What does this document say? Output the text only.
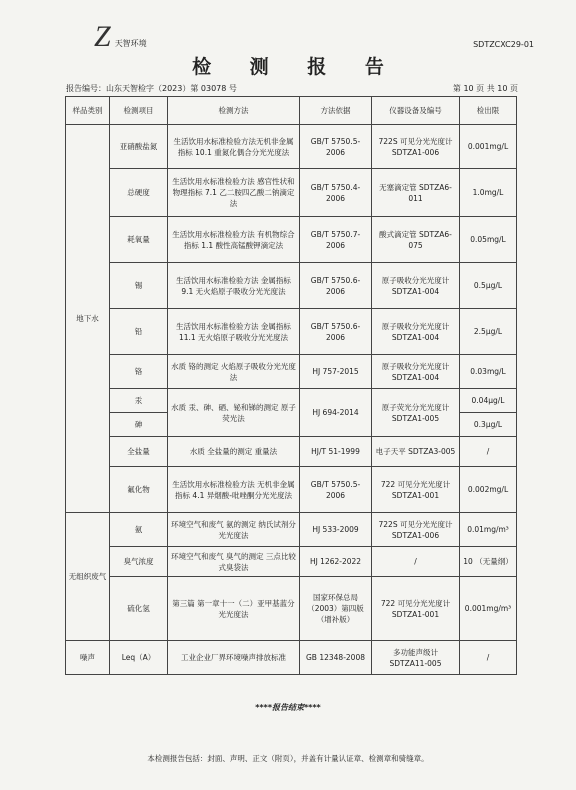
Z 天智环境	SDTZCXC29-01
检 测 报 告
报告编号：山东天智检字（2023）第 03078 号	第 10 页 共 10 页
样品类别	检测项目	检测方法	方法依据	仪器设备及编号	检出限
地下水	亚硝酸盐氮	生活饮用水标准检验方法无机非金属指标 10.1 重氮化偶合分光光度法	GB/T 5750.5-2006	722S 可见分光光度计 SDTZA1-006	0.001mg/L
	总硬度	生活饮用水标准检验方法 感官性状和物理指标 7.1 乙二胺四乙酸二钠滴定法	GB/T 5750.4-2006	无塞滴定管 SDTZA6-011	1.0mg/L
	耗氧量	生活饮用水标准检验方法 有机物综合指标 1.1 酸性高锰酸钾滴定法	GB/T 5750.7-2006	酸式滴定管 SDTZA6-075	0.05mg/L
	锡	生活饮用水标准检验方法 金属指标 9.1 无火焰原子吸收分光光度法	GB/T 5750.6-2006	原子吸收分光光度计 SDTZA1-004	0.5μg/L
	铅	生活饮用水标准检验方法 金属指标 11.1 无火焰原子吸收分光光度法	GB/T 5750.6-2006	原子吸收分光光度计 SDTZA1-004	2.5μg/L
	铬	水质 铬的测定 火焰原子吸收分光光度法	HJ 757-2015	原子吸收分光光度计 SDTZA1-004	0.03mg/L
	汞	水质 汞、砷、硒、铋和锑的测定 原子荧光法	HJ 694-2014	原子荧光分光光度计 SDTZA1-005	0.04μg/L
	砷				0.3μg/L
	全盐量	水质 全盐量的测定 重量法	HJ/T 51-1999	电子天平 SDTZA3-005	/
	氟化物	生活饮用水标准检验方法 无机非金属指标 4.1 异烟酸-吡唑酮分光光度法	GB/T 5750.5-2006	722 可见分光光度计 SDTZA1-001	0.002mg/L
无组织废气	氨	环境空气和废气 氨的测定 纳氏试剂分光光度法	HJ 533-2009	722S 可见分光光度计 SDTZA1-006	0.01mg/m³
	臭气浓度	环境空气和废气 臭气的测定 三点比较式臭袋法	HJ 1262-2022	/	10 （无量纲）
	硫化氢	第三篇 第一章十一（二）亚甲基蓝分光光度法	国家环保总局（2003）第四版（增补版）	722 可见分光光度计 SDTZA1-001	0.001mg/m³
噪声	Leq（A）	工业企业厂界环境噪声排放标准	GB 12348-2008	多功能声级计 SDTZA11-005	/
****报告结束****
本检测报告包括：封面、声明、正文（附页），并盖有计量认证章、检测章和骑缝章。
